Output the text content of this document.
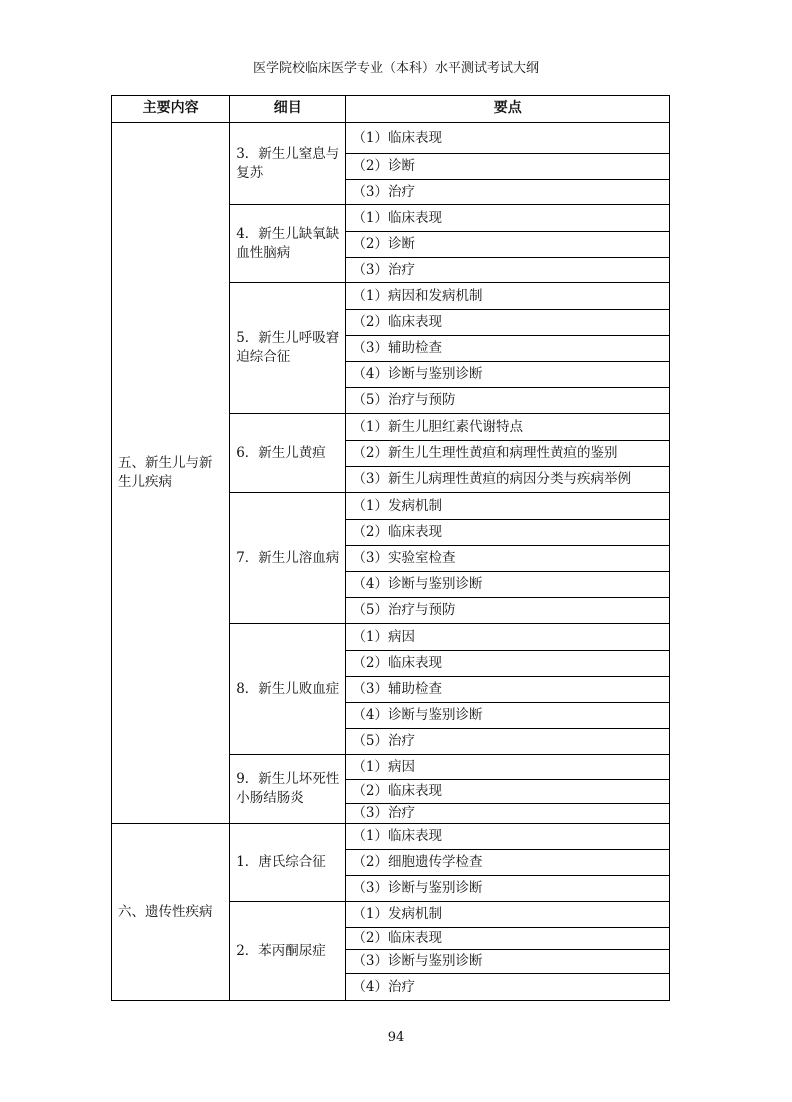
医学院校临床医学专业（本科）水平测试考试大纲
主要内容	细目	要点
五、新生儿与新生儿疾病	3．新生儿窒息与复苏	（1）临床表现
		（2）诊断
		（3）治疗
	4．新生儿缺氧缺血性脑病	（1）临床表现
		（2）诊断
		（3）治疗
	5．新生儿呼吸窘迫综合征	（1）病因和发病机制
		（2）临床表现
		（3）辅助检查
		（4）诊断与鉴别诊断
		（5）治疗与预防
	6．新生儿黄疸	（1）新生儿胆红素代谢特点
		（2）新生儿生理性黄疸和病理性黄疸的鉴别
		（3）新生儿病理性黄疸的病因分类与疾病举例
	7．新生儿溶血病	（1）发病机制
		（2）临床表现
		（3）实验室检查
		（4）诊断与鉴别诊断
		（5）治疗与预防
	8．新生儿败血症	（1）病因
		（2）临床表现
		（3）辅助检查
		（4）诊断与鉴别诊断
		（5）治疗
	9．新生儿坏死性小肠结肠炎	（1）病因
		（2）临床表现
		（3）治疗
六、遗传性疾病	1．唐氏综合征	（1）临床表现
		（2）细胞遗传学检查
		（3）诊断与鉴别诊断
	2．苯丙酮尿症	（1）发病机制
		（2）临床表现
		（3）诊断与鉴别诊断
		（4）治疗
94
